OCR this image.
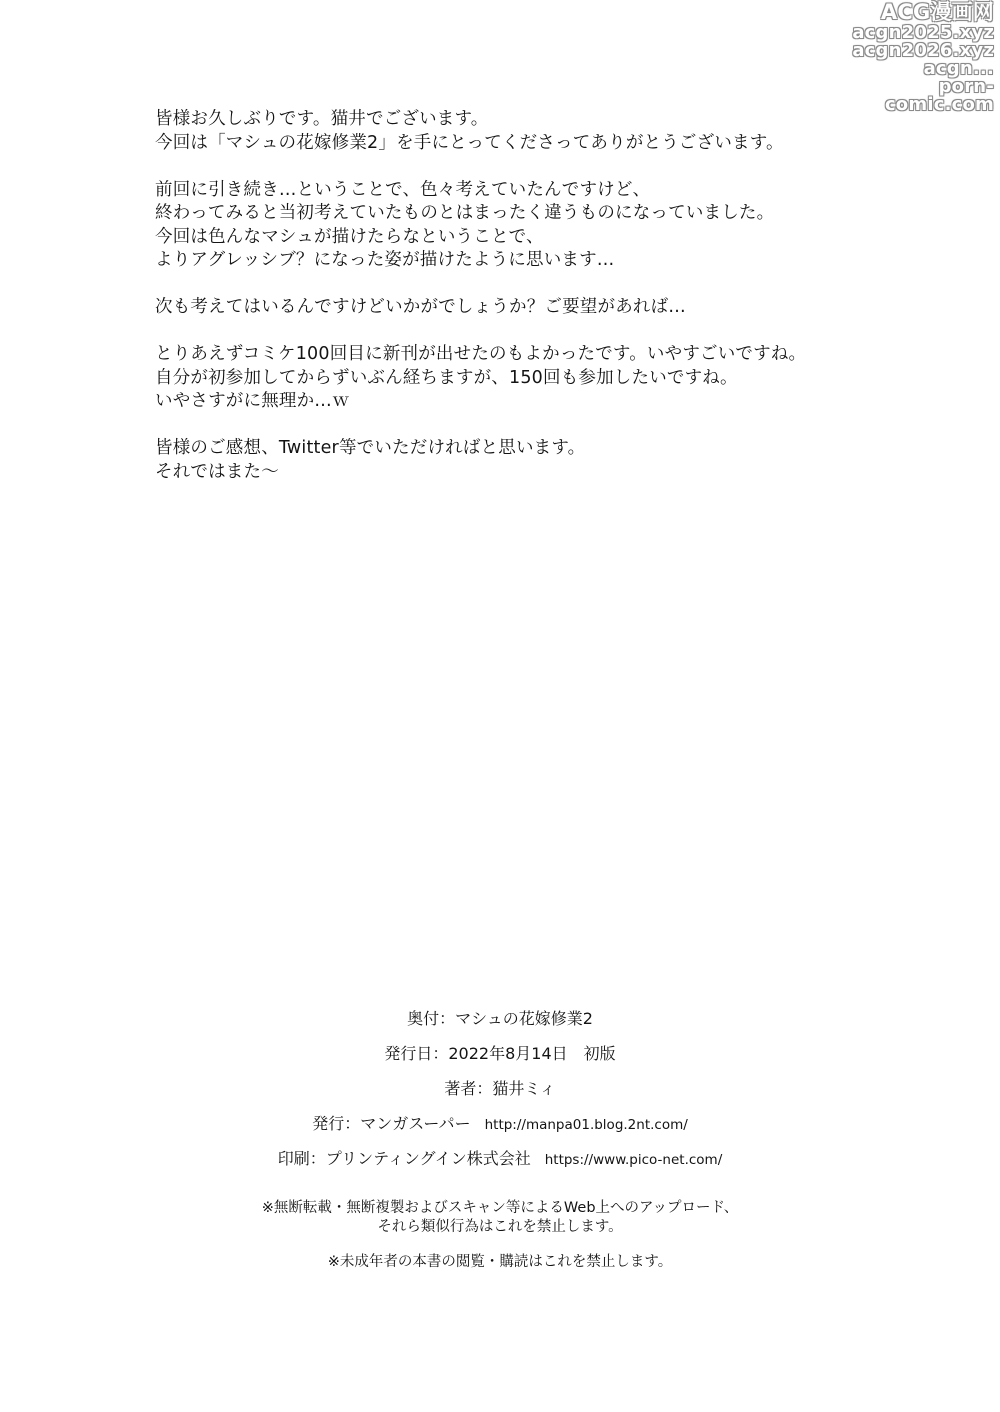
ACG漫画网
acgn2025.xyz
acgn2026.xyz
acgn...
porn-comic.com
皆様お久しぶりです。猫井でございます。
今回は「マシュの花嫁修業2」を手にとってくださってありがとうございます。
前回に引き続き…ということで、色々考えていたんですけど、
終わってみると当初考えていたものとはまったく違うものになっていました。
今回は色んなマシュが描けたらなということで、
よりアグレッシブ？になった姿が描けたように思います…
次も考えてはいるんですけどいかがでしょうか？ご要望があれば…
とりあえずコミケ100回目に新刊が出せたのもよかったです。いやすごいですね。
自分が初参加してからずいぶん経ちますが、150回も参加したいですね。
いやさすがに無理か…ｗ
皆様のご感想、Twitter等でいただければと思います。
それではまた～
奥付：マシュの花嫁修業2
発行日：2022年8月14日　初版
著者：猫井ミィ
発行：マンガスーパー http://manpa01.blog.2nt.com/
印刷：プリンティングイン株式会社 https://www.pico-net.com/
※無断転載・無断複製およびスキャン等によるWeb上へのアップロード、
それら類似行為はこれを禁止します。
※未成年者の本書の閲覧・購読はこれを禁止します。
